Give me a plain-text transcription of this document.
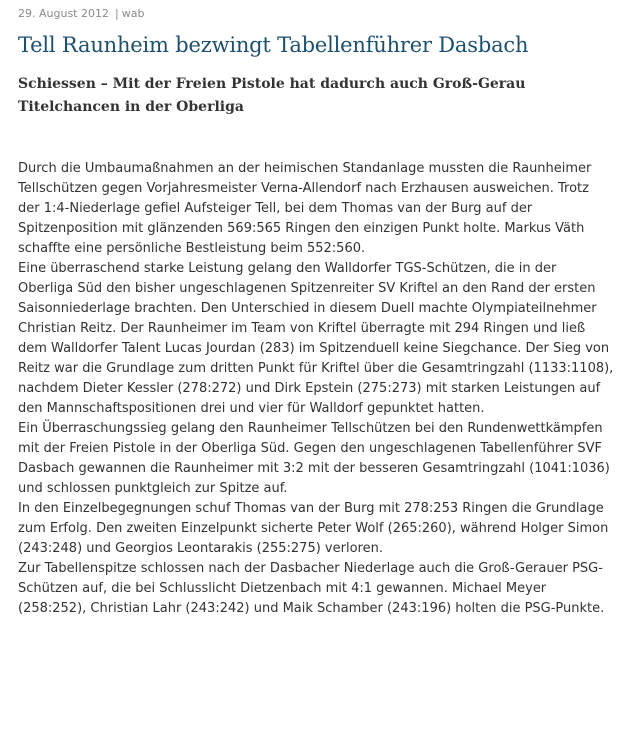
29. August 2012 | wab
Tell Raunheim bezwingt Tabellenführer Dasbach
Schiessen – Mit der Freien Pistole hat dadurch auch Groß-Gerau Titelchancen in der Oberliga

Durch die Umbaumaßnahmen an der heimischen Standanlage mussten die Raunheimer Tellschützen gegen Vorjahresmeister Verna-Allendorf nach Erzhausen ausweichen. Trotz der 1:4-Niederlage gefiel Aufsteiger Tell, bei dem Thomas van der Burg auf der Spitzenposition mit glänzenden 569:565 Ringen den einzigen Punkt holte. Markus Väth schaffte eine persönliche Bestleistung beim 552:560.

Eine überraschend starke Leistung gelang den Walldorfer TGS-Schützen, die in der Oberliga Süd den bisher ungeschlagenen Spitzenreiter SV Kriftel an den Rand der ersten Saisonniederlage brachten. Den Unterschied in diesem Duell machte Olympiateilnehmer Christian Reitz. Der Raunheimer im Team von Kriftel überragte mit 294 Ringen und ließ dem Walldorfer Talent Lucas Jourdan (283) im Spitzenduell keine Siegchance. Der Sieg von Reitz war die Grundlage zum dritten Punkt für Kriftel über die Gesamtringzahl (1133:1108), nachdem Dieter Kessler (278:272) und Dirk Epstein (275:273) mit starken Leistungen auf den Mannschaftspositionen drei und vier für Walldorf gepunktet hatten.

Ein Überraschungssieg gelang den Raunheimer Tellschützen bei den Rundenwettkämpfen mit der Freien Pistole in der Oberliga Süd. Gegen den ungeschlagenen Tabellenführer SVF Dasbach gewannen die Raunheimer mit 3:2 mit der besseren Gesamtringzahl (1041:1036) und schlossen punktgleich zur Spitze auf.

In den Einzelbegegnungen schuf Thomas van der Burg mit 278:253 Ringen die Grundlage zum Erfolg. Den zweiten Einzelpunkt sicherte Peter Wolf (265:260), während Holger Simon (243:248) und Georgios Leontarakis (255:275) verloren.

Zur Tabellenspitze schlossen nach der Dasbacher Niederlage auch die Groß-Gerauer PSG-Schützen auf, die bei Schlusslicht Dietzenbach mit 4:1 gewannen. Michael Meyer (258:252), Christian Lahr (243:242) und Maik Schamber (243:196) holten die PSG-Punkte.
